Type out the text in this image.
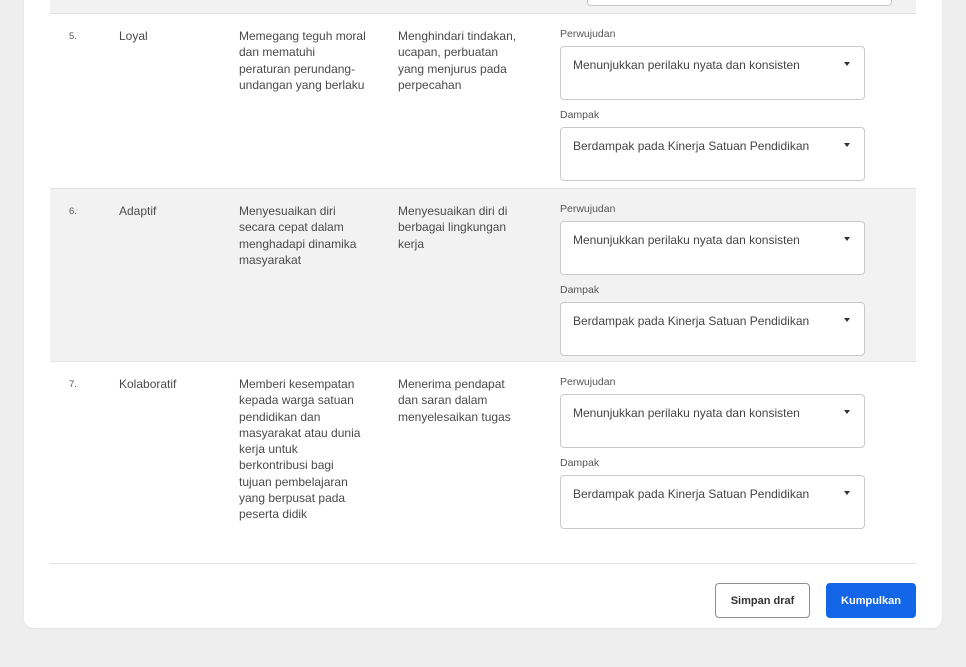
5.	Loyal	Memegang teguh moral dan mematuhi peraturan perundang-undangan yang berlaku
Menghindari tindakan, ucapan, perbuatan yang menjurus pada perpecahan
Perwujudan
Menunjukkan perilaku nyata dan konsisten
Dampak
Berdampak pada Kinerja Satuan Pendidikan
6.	Adaptif	Menyesuaikan diri secara cepat dalam menghadapi dinamika masyarakat
Menyesuaikan diri di berbagai lingkungan kerja
Perwujudan
Menunjukkan perilaku nyata dan konsisten
Dampak
Berdampak pada Kinerja Satuan Pendidikan
7.	Kolaboratif	Memberi kesempatan kepada warga satuan pendidikan dan masyarakat atau dunia kerja untuk berkontribusi bagi tujuan pembelajaran yang berpusat pada peserta didik
Menerima pendapat dan saran dalam menyelesaikan tugas
Perwujudan
Menunjukkan perilaku nyata dan konsisten
Dampak
Berdampak pada Kinerja Satuan Pendidikan
Simpan draf	Kumpulkan
